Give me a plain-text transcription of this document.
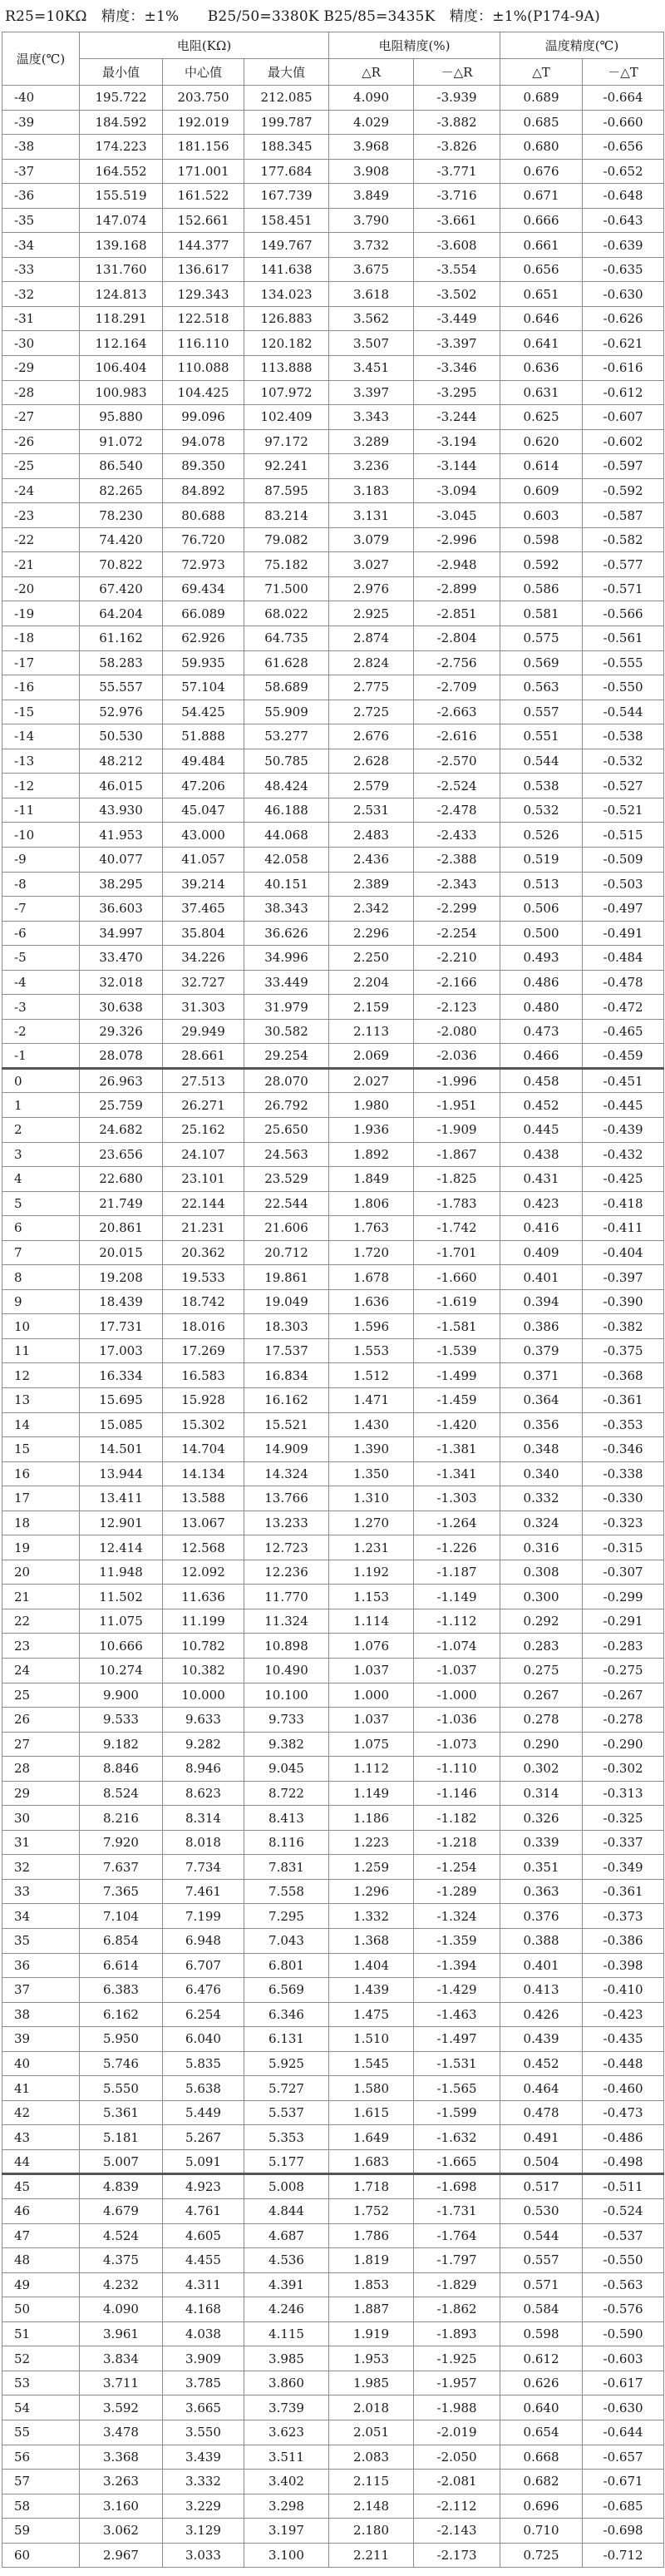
R25=10KΩ　精度：±1%　　B25/50=3380K B25/85=3435K　精度：±1%(P174-9A)
温度(℃)	电阻(KΩ)			电阻精度(%)		温度精度(℃)	
	最小值	中心值	最大值	△R	－△R	△T	－△T
-40	195.722	203.750	212.085	4.090	-3.939	0.689	-0.664
-39	184.592	192.019	199.787	4.029	-3.882	0.685	-0.660
-38	174.223	181.156	188.345	3.968	-3.826	0.680	-0.656
-37	164.552	171.001	177.684	3.908	-3.771	0.676	-0.652
-36	155.519	161.522	167.739	3.849	-3.716	0.671	-0.648
-35	147.074	152.661	158.451	3.790	-3.661	0.666	-0.643
-34	139.168	144.377	149.767	3.732	-3.608	0.661	-0.639
-33	131.760	136.617	141.638	3.675	-3.554	0.656	-0.635
-32	124.813	129.343	134.023	3.618	-3.502	0.651	-0.630
-31	118.291	122.518	126.883	3.562	-3.449	0.646	-0.626
-30	112.164	116.110	120.182	3.507	-3.397	0.641	-0.621
-29	106.404	110.088	113.888	3.451	-3.346	0.636	-0.616
-28	100.983	104.425	107.972	3.397	-3.295	0.631	-0.612
-27	95.880	99.096	102.409	3.343	-3.244	0.625	-0.607
-26	91.072	94.078	97.172	3.289	-3.194	0.620	-0.602
-25	86.540	89.350	92.241	3.236	-3.144	0.614	-0.597
-24	82.265	84.892	87.595	3.183	-3.094	0.609	-0.592
-23	78.230	80.688	83.214	3.131	-3.045	0.603	-0.587
-22	74.420	76.720	79.082	3.079	-2.996	0.598	-0.582
-21	70.822	72.973	75.182	3.027	-2.948	0.592	-0.577
-20	67.420	69.434	71.500	2.976	-2.899	0.586	-0.571
-19	64.204	66.089	68.022	2.925	-2.851	0.581	-0.566
-18	61.162	62.926	64.735	2.874	-2.804	0.575	-0.561
-17	58.283	59.935	61.628	2.824	-2.756	0.569	-0.555
-16	55.557	57.104	58.689	2.775	-2.709	0.563	-0.550
-15	52.976	54.425	55.909	2.725	-2.663	0.557	-0.544
-14	50.530	51.888	53.277	2.676	-2.616	0.551	-0.538
-13	48.212	49.484	50.785	2.628	-2.570	0.544	-0.532
-12	46.015	47.206	48.424	2.579	-2.524	0.538	-0.527
-11	43.930	45.047	46.188	2.531	-2.478	0.532	-0.521
-10	41.953	43.000	44.068	2.483	-2.433	0.526	-0.515
-9	40.077	41.057	42.058	2.436	-2.388	0.519	-0.509
-8	38.295	39.214	40.151	2.389	-2.343	0.513	-0.503
-7	36.603	37.465	38.343	2.342	-2.299	0.506	-0.497
-6	34.997	35.804	36.626	2.296	-2.254	0.500	-0.491
-5	33.470	34.226	34.996	2.250	-2.210	0.493	-0.484
-4	32.018	32.727	33.449	2.204	-2.166	0.486	-0.478
-3	30.638	31.303	31.979	2.159	-2.123	0.480	-0.472
-2	29.326	29.949	30.582	2.113	-2.080	0.473	-0.465
-1	28.078	28.661	29.254	2.069	-2.036	0.466	-0.459
0	26.963	27.513	28.070	2.027	-1.996	0.458	-0.451
1	25.759	26.271	26.792	1.980	-1.951	0.452	-0.445
2	24.682	25.162	25.650	1.936	-1.909	0.445	-0.439
3	23.656	24.107	24.563	1.892	-1.867	0.438	-0.432
4	22.680	23.101	23.529	1.849	-1.825	0.431	-0.425
5	21.749	22.144	22.544	1.806	-1.783	0.423	-0.418
6	20.861	21.231	21.606	1.763	-1.742	0.416	-0.411
7	20.015	20.362	20.712	1.720	-1.701	0.409	-0.404
8	19.208	19.533	19.861	1.678	-1.660	0.401	-0.397
9	18.439	18.742	19.049	1.636	-1.619	0.394	-0.390
10	17.731	18.016	18.303	1.596	-1.581	0.386	-0.382
11	17.003	17.269	17.537	1.553	-1.539	0.379	-0.375
12	16.334	16.583	16.834	1.512	-1.499	0.371	-0.368
13	15.695	15.928	16.162	1.471	-1.459	0.364	-0.361
14	15.085	15.302	15.521	1.430	-1.420	0.356	-0.353
15	14.501	14.704	14.909	1.390	-1.381	0.348	-0.346
16	13.944	14.134	14.324	1.350	-1.341	0.340	-0.338
17	13.411	13.588	13.766	1.310	-1.303	0.332	-0.330
18	12.901	13.067	13.233	1.270	-1.264	0.324	-0.323
19	12.414	12.568	12.723	1.231	-1.226	0.316	-0.315
20	11.948	12.092	12.236	1.192	-1.187	0.308	-0.307
21	11.502	11.636	11.770	1.153	-1.149	0.300	-0.299
22	11.075	11.199	11.324	1.114	-1.112	0.292	-0.291
23	10.666	10.782	10.898	1.076	-1.074	0.283	-0.283
24	10.274	10.382	10.490	1.037	-1.037	0.275	-0.275
25	9.900	10.000	10.100	1.000	-1.000	0.267	-0.267
26	9.533	9.633	9.733	1.037	-1.036	0.278	-0.278
27	9.182	9.282	9.382	1.075	-1.073	0.290	-0.290
28	8.846	8.946	9.045	1.112	-1.110	0.302	-0.302
29	8.524	8.623	8.722	1.149	-1.146	0.314	-0.313
30	8.216	8.314	8.413	1.186	-1.182	0.326	-0.325
31	7.920	8.018	8.116	1.223	-1.218	0.339	-0.337
32	7.637	7.734	7.831	1.259	-1.254	0.351	-0.349
33	7.365	7.461	7.558	1.296	-1.289	0.363	-0.361
34	7.104	7.199	7.295	1.332	-1.324	0.376	-0.373
35	6.854	6.948	7.043	1.368	-1.359	0.388	-0.386
36	6.614	6.707	6.801	1.404	-1.394	0.401	-0.398
37	6.383	6.476	6.569	1.439	-1.429	0.413	-0.410
38	6.162	6.254	6.346	1.475	-1.463	0.426	-0.423
39	5.950	6.040	6.131	1.510	-1.497	0.439	-0.435
40	5.746	5.835	5.925	1.545	-1.531	0.452	-0.448
41	5.550	5.638	5.727	1.580	-1.565	0.464	-0.460
42	5.361	5.449	5.537	1.615	-1.599	0.478	-0.473
43	5.181	5.267	5.353	1.649	-1.632	0.491	-0.486
44	5.007	5.091	5.177	1.683	-1.665	0.504	-0.498
45	4.839	4.923	5.008	1.718	-1.698	0.517	-0.511
46	4.679	4.761	4.844	1.752	-1.731	0.530	-0.524
47	4.524	4.605	4.687	1.786	-1.764	0.544	-0.537
48	4.375	4.455	4.536	1.819	-1.797	0.557	-0.550
49	4.232	4.311	4.391	1.853	-1.829	0.571	-0.563
50	4.090	4.168	4.246	1.887	-1.862	0.584	-0.576
51	3.961	4.038	4.115	1.919	-1.893	0.598	-0.590
52	3.834	3.909	3.985	1.953	-1.925	0.612	-0.603
53	3.711	3.785	3.860	1.985	-1.957	0.626	-0.617
54	3.592	3.665	3.739	2.018	-1.988	0.640	-0.630
55	3.478	3.550	3.623	2.051	-2.019	0.654	-0.644
56	3.368	3.439	3.511	2.083	-2.050	0.668	-0.657
57	3.263	3.332	3.402	2.115	-2.081	0.682	-0.671
58	3.160	3.229	3.298	2.148	-2.112	0.696	-0.685
59	3.062	3.129	3.197	2.180	-2.143	0.710	-0.698
60	2.967	3.033	3.100	2.211	-2.173	0.725	-0.712
